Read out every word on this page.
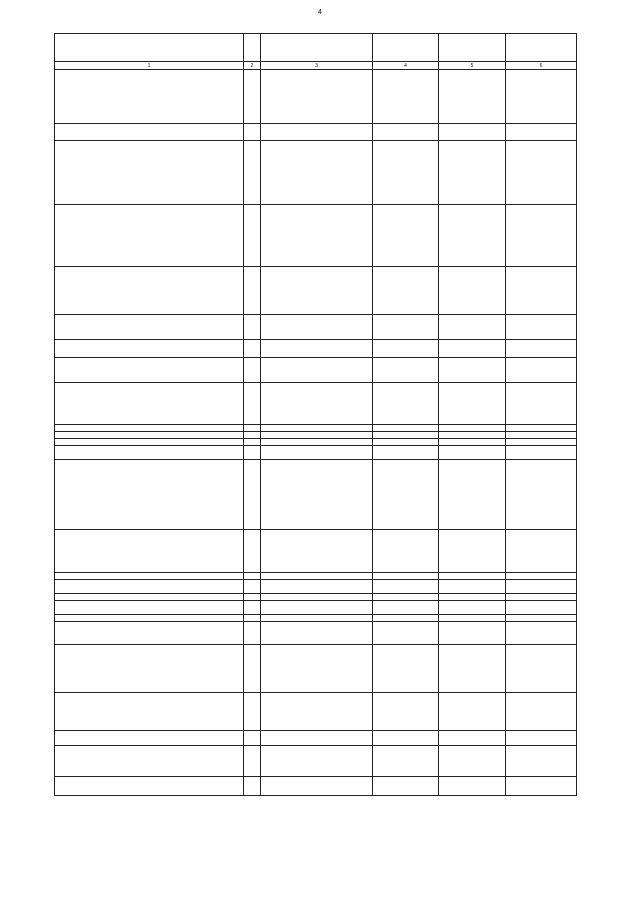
4

1	2	3	4	5	6
